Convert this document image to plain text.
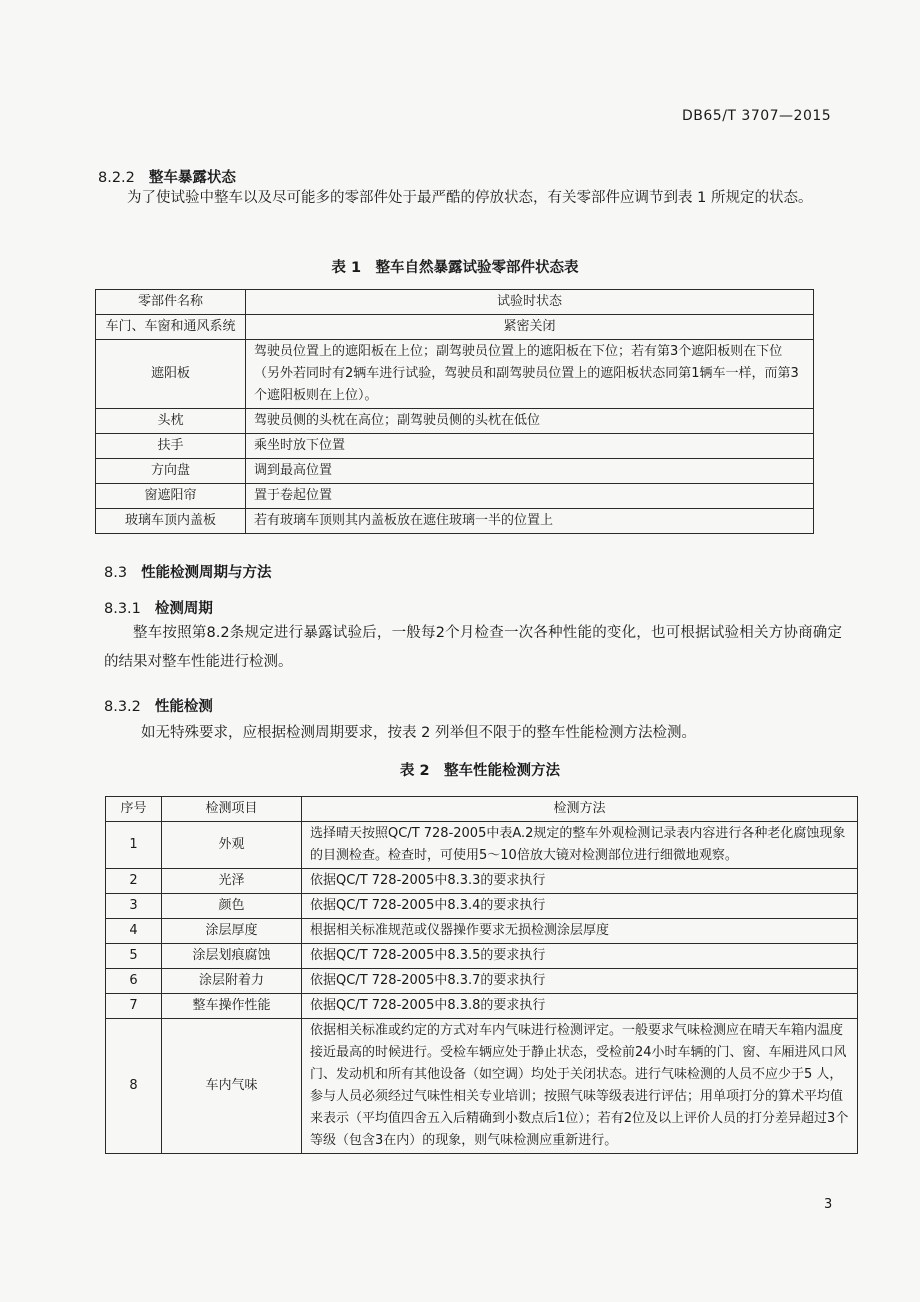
DB65/T 3707—2015
8.2.2 整车暴露状态
为了使试验中整车以及尽可能多的零部件处于最严酷的停放状态，有关零部件应调节到表 1 所规定的状态。
表 1　整车自然暴露试验零部件状态表
零部件名称	试验时状态
车门、车窗和通风系统	紧密关闭
遮阳板	驾驶员位置上的遮阳板在上位；副驾驶员位置上的遮阳板在下位；若有第3个遮阳板则在下位（另外若同时有2辆车进行试验，驾驶员和副驾驶员位置上的遮阳板状态同第1辆车一样，而第3个遮阳板则在上位）。
头枕	驾驶员侧的头枕在高位；副驾驶员侧的头枕在低位
扶手	乘坐时放下位置
方向盘	调到最高位置
窗遮阳帘	置于卷起位置
玻璃车顶内盖板	若有玻璃车顶则其内盖板放在遮住玻璃一半的位置上
8.3 性能检测周期与方法
8.3.1 检测周期
整车按照第8.2条规定进行暴露试验后，一般每2个月检查一次各种性能的变化，也可根据试验相关方协商确定的结果对整车性能进行检测。
8.3.2 性能检测
如无特殊要求，应根据检测周期要求，按表 2 列举但不限于的整车性能检测方法检测。
表 2　整车性能检测方法
序号	检测项目	检测方法
1	外观	选择晴天按照QC/T 728-2005中表A.2规定的整车外观检测记录表内容进行各种老化腐蚀现象的目测检查。检查时，可使用5～10倍放大镜对检测部位进行细微地观察。
2	光泽	依据QC/T 728-2005中8.3.3的要求执行
3	颜色	依据QC/T 728-2005中8.3.4的要求执行
4	涂层厚度	根据相关标准规范或仪器操作要求无损检测涂层厚度
5	涂层划痕腐蚀	依据QC/T 728-2005中8.3.5的要求执行
6	涂层附着力	依据QC/T 728-2005中8.3.7的要求执行
7	整车操作性能	依据QC/T 728-2005中8.3.8的要求执行
8	车内气味	依据相关标准或约定的方式对车内气味进行检测评定。一般要求气味检测应在晴天车箱内温度接近最高的时候进行。受检车辆应处于静止状态，受检前24小时车辆的门、窗、车厢进风口风门、发动机和所有其他设备（如空调）均处于关闭状态。进行气味检测的人员不应少于5 人，参与人员必须经过气味性相关专业培训；按照气味等级表进行评估；用单项打分的算术平均值来表示（平均值四舍五入后精确到小数点后1位）；若有2位及以上评价人员的打分差异超过3个等级（包含3在内）的现象，则气味检测应重新进行。
3
